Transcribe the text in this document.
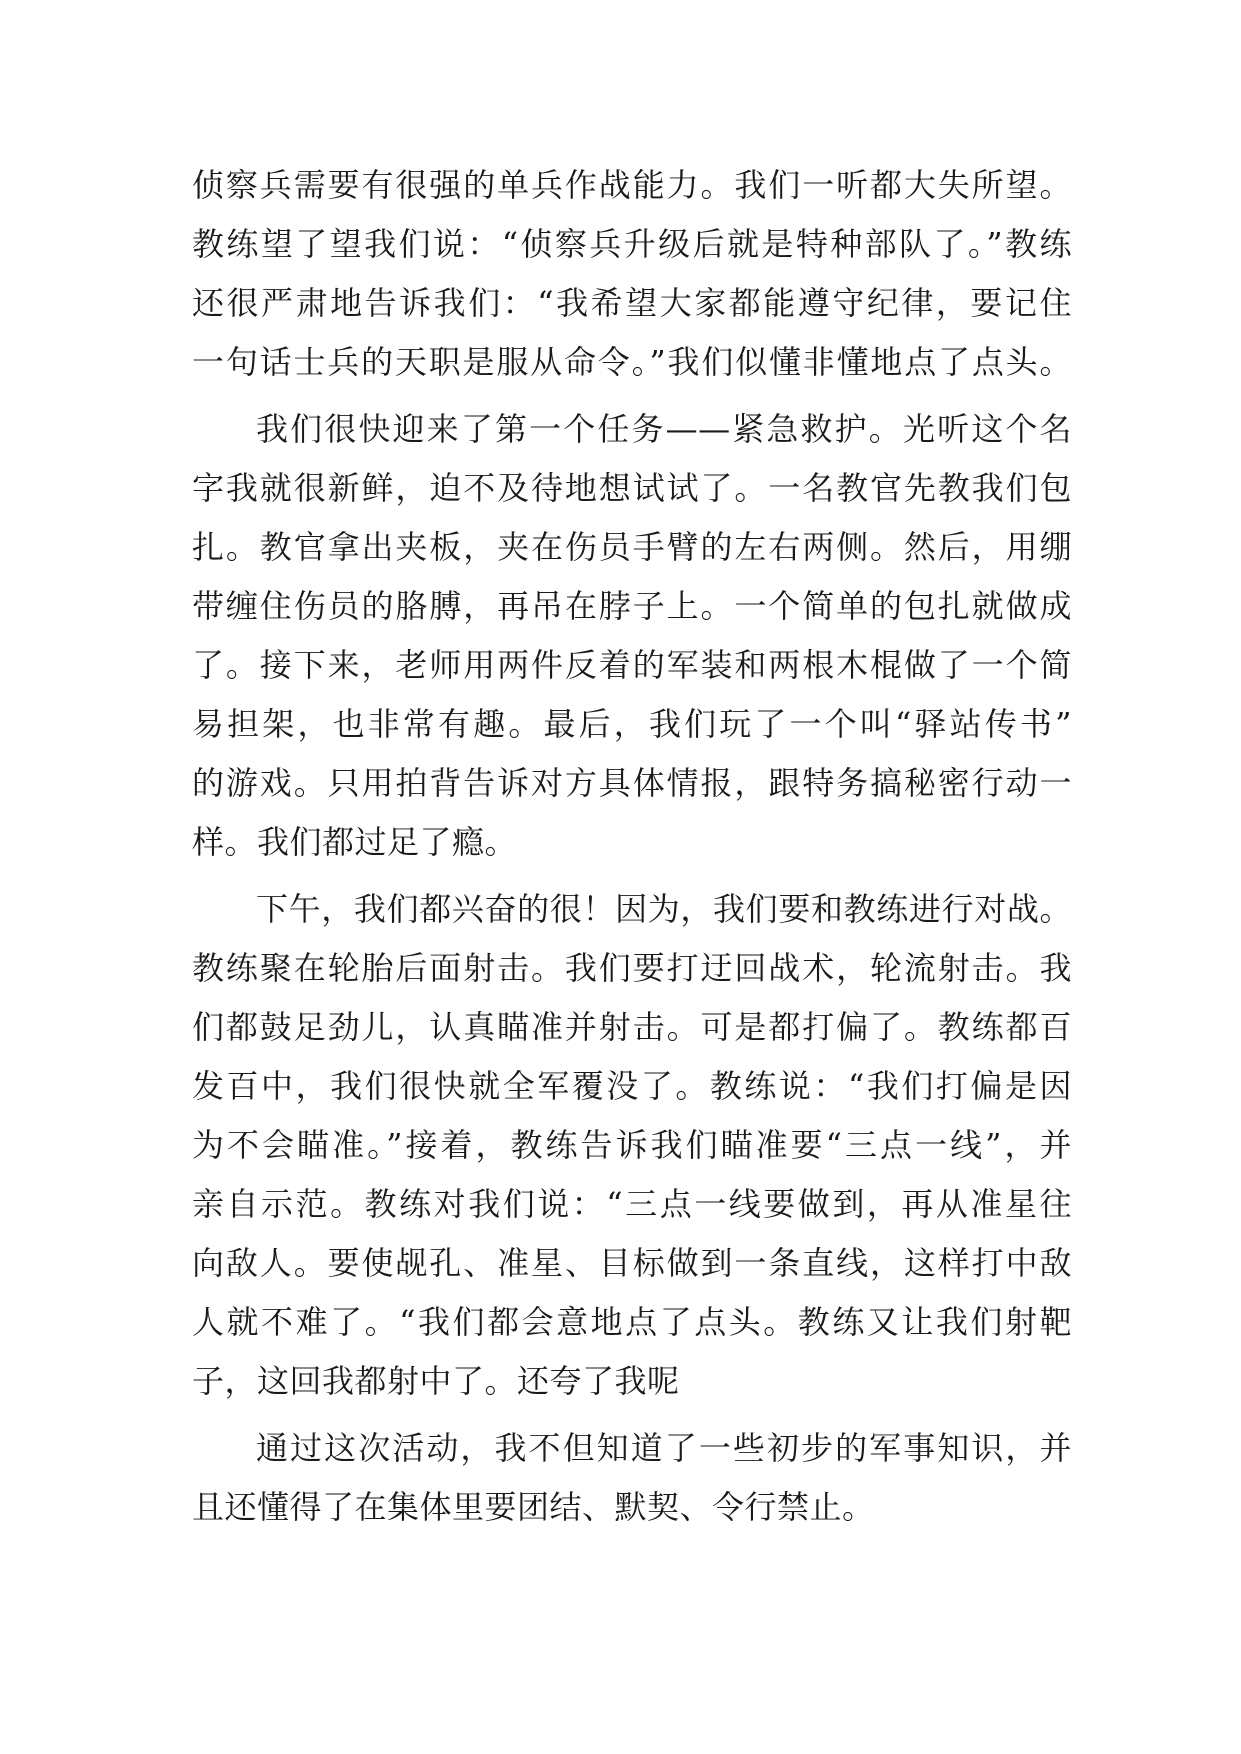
侦察兵需要有很强的单兵作战能力。我们一听都大失所望。
教练望了望我们说：“侦察兵升级后就是特种部队了。”教练
还很严肃地告诉我们：“我希望大家都能遵守纪律，要记住
一句话士兵的天职是服从命令。”我们似懂非懂地点了点头。
我们很快迎来了第一个任务——紧急救护。光听这个名
字我就很新鲜，迫不及待地想试试了。一名教官先教我们包
扎。教官拿出夹板，夹在伤员手臂的左右两侧。然后，用绷
带缠住伤员的胳膊，再吊在脖子上。一个简单的包扎就做成
了。接下来，老师用两件反着的军装和两根木棍做了一个简
易担架，也非常有趣。最后，我们玩了一个叫“驿站传书”
的游戏。只用拍背告诉对方具体情报，跟特务搞秘密行动一
样。我们都过足了瘾。
下午，我们都兴奋的很！因为，我们要和教练进行对战。
教练聚在轮胎后面射击。我们要打迂回战术，轮流射击。我
们都鼓足劲儿，认真瞄准并射击。可是都打偏了。教练都百
发百中，我们很快就全军覆没了。教练说：“我们打偏是因
为不会瞄准。”接着，教练告诉我们瞄准要“三点一线”，并
亲自示范。教练对我们说：“三点一线要做到，再从准星往
向敌人。要使觇孔、准星、目标做到一条直线，这样打中敌
人就不难了。“我们都会意地点了点头。教练又让我们射靶
子，这回我都射中了。还夸了我呢
通过这次活动，我不但知道了一些初步的军事知识，并
且还懂得了在集体里要团结、默契、令行禁止。
